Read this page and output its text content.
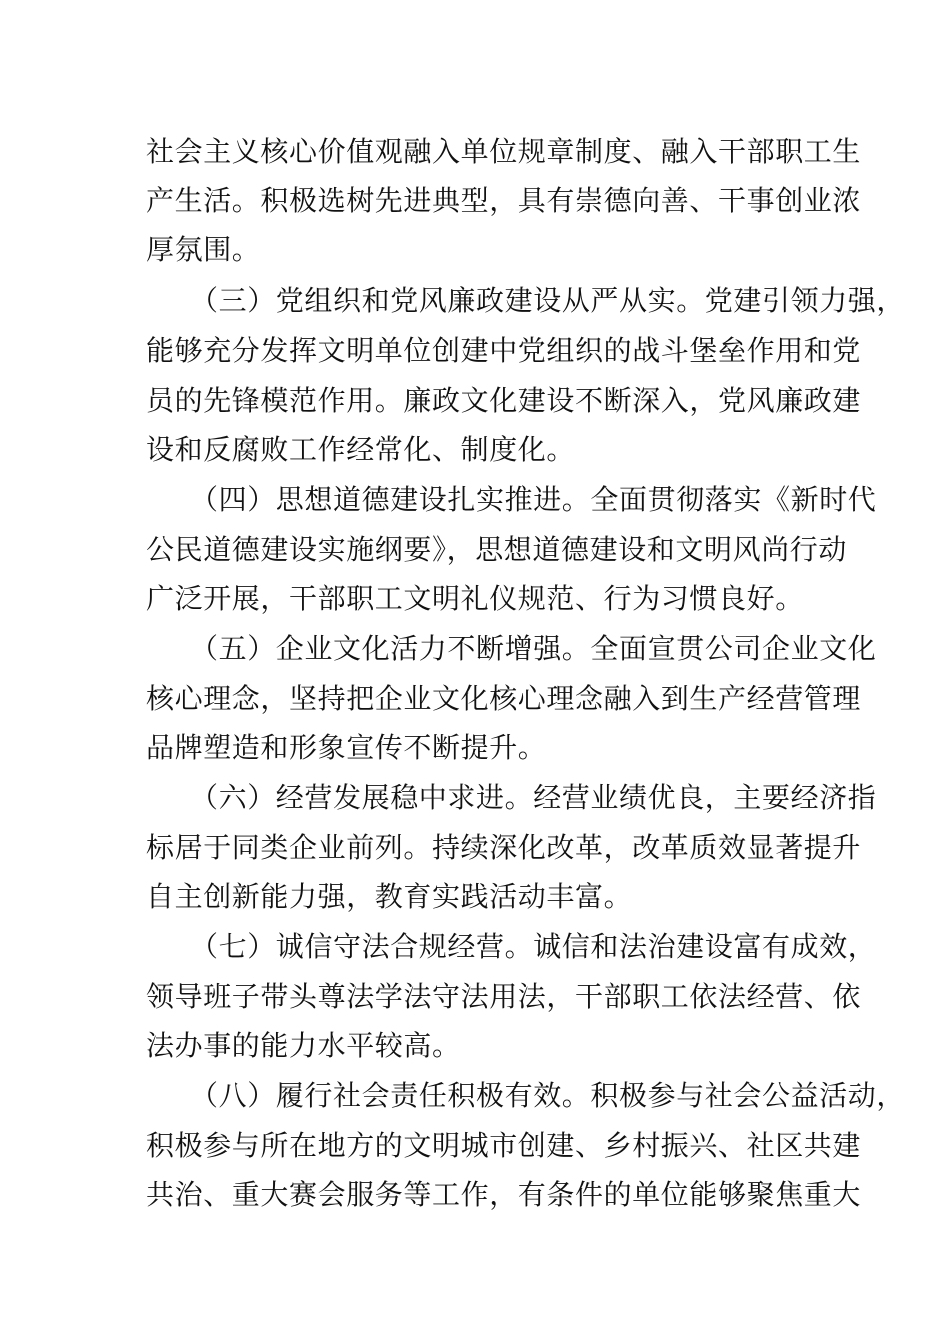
社会主义核心价值观融入单位规章制度、融入干部职工生
产生活。积极选树先进典型，具有崇德向善、干事创业浓
厚氛围。
（三）党组织和党风廉政建设从严从实。党建引领力强，
能够充分发挥文明单位创建中党组织的战斗堡垒作用和党
员的先锋模范作用。廉政文化建设不断深入，党风廉政建
设和反腐败工作经常化、制度化。
（四）思想道德建设扎实推进。全面贯彻落实《新时代
公民道德建设实施纲要》，思想道德建设和文明风尚行动
广泛开展，干部职工文明礼仪规范、行为习惯良好。
（五）企业文化活力不断增强。全面宣贯公司企业文化
核心理念，坚持把企业文化核心理念融入到生产经营管理
品牌塑造和形象宣传不断提升。
（六）经营发展稳中求进。经营业绩优良，主要经济指
标居于同类企业前列。持续深化改革，改革质效显著提升
自主创新能力强，教育实践活动丰富。
（七）诚信守法合规经营。诚信和法治建设富有成效，
领导班子带头尊法学法守法用法，干部职工依法经营、依
法办事的能力水平较高。
（八）履行社会责任积极有效。积极参与社会公益活动，
积极参与所在地方的文明城市创建、乡村振兴、社区共建
共治、重大赛会服务等工作，有条件的单位能够聚焦重大
